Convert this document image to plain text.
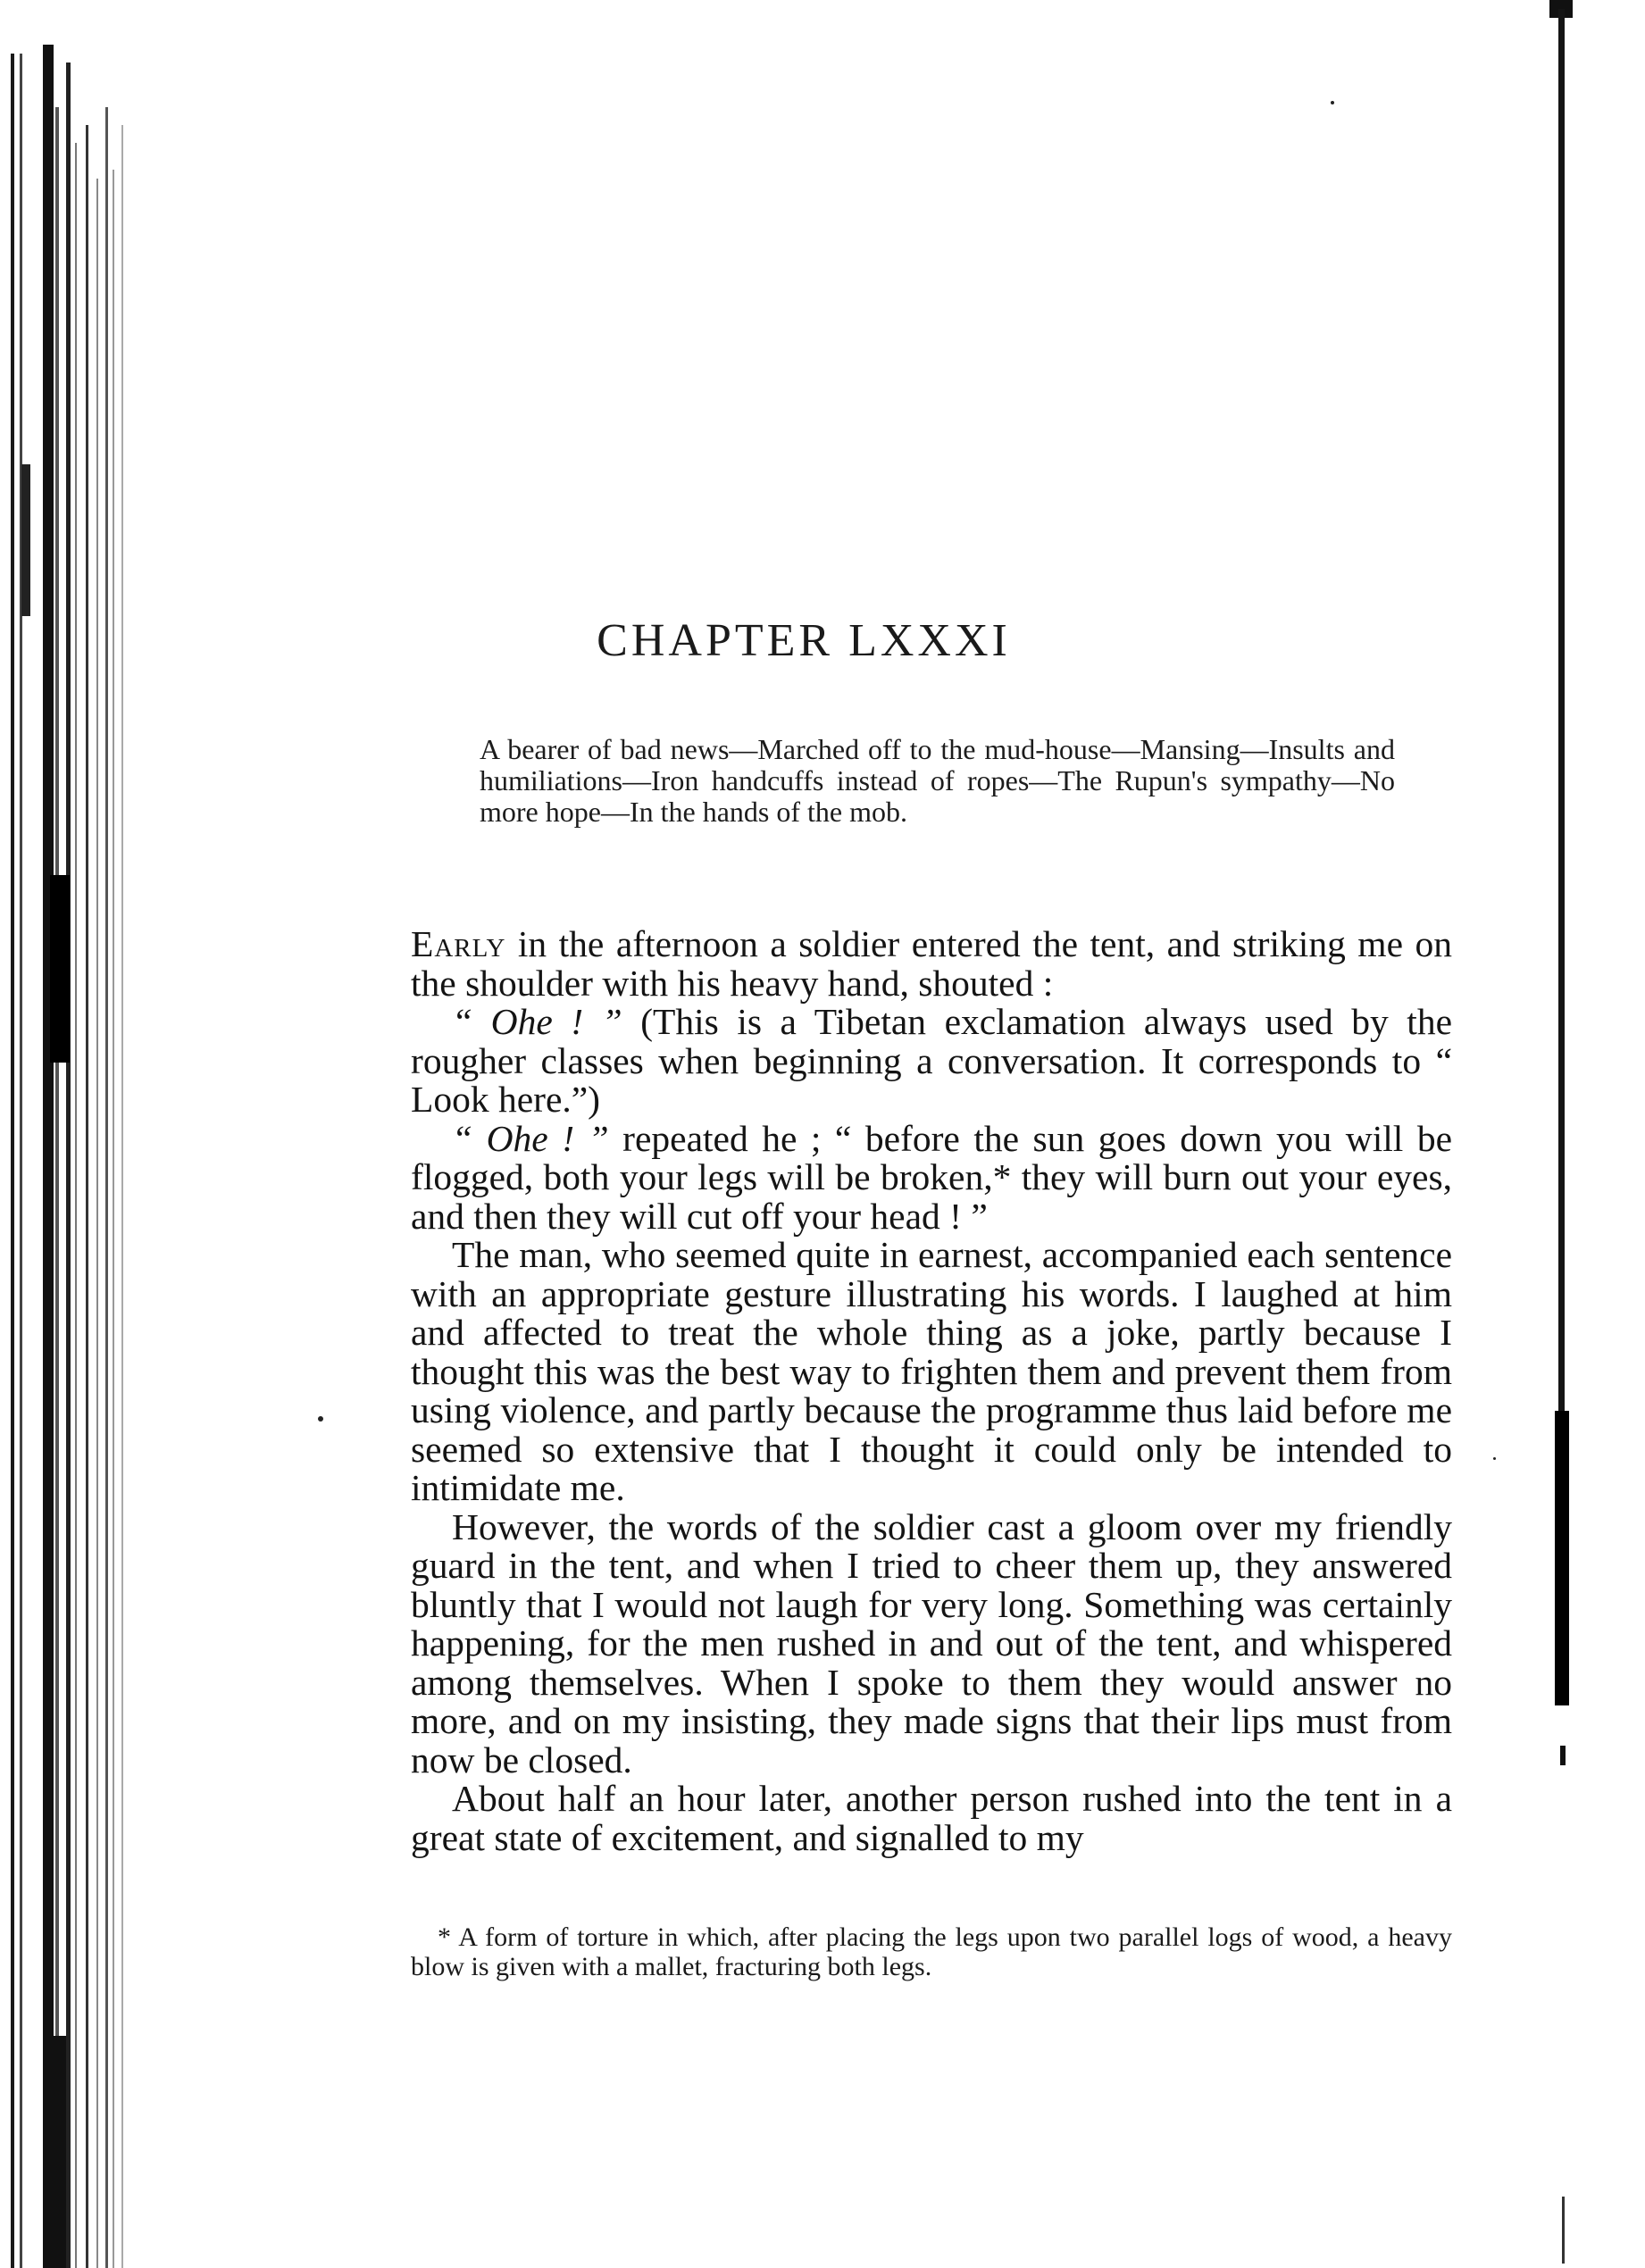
CHAPTER LXXXI

A bearer of bad news—Marched off to the mud-house—Mansing—Insults and humiliations—Iron handcuffs instead of ropes—The Rupun's sympathy—No more hope—In the hands of the mob.

Early in the afternoon a soldier entered the tent, and striking me on the shoulder with his heavy hand, shouted :

“ Ohe ! ” (This is a Tibetan exclamation always used by the rougher classes when beginning a conversation. It corresponds to “ Look here.”)

“ Ohe ! ” repeated he ; “ before the sun goes down you will be flogged, both your legs will be broken,* they will burn out your eyes, and then they will cut off your head ! ”

The man, who seemed quite in earnest, accompanied each sentence with an appropriate gesture illustrating his words. I laughed at him and affected to treat the whole thing as a joke, partly because I thought this was the best way to frighten them and prevent them from using violence, and partly because the programme thus laid before me seemed so extensive that I thought it could only be intended to intimidate me.

However, the words of the soldier cast a gloom over my friendly guard in the tent, and when I tried to cheer them up, they answered bluntly that I would not laugh for very long. Something was certainly happening, for the men rushed in and out of the tent, and whispered among themselves. When I spoke to them they would answer no more, and on my insisting, they made signs that their lips must from now be closed.

About half an hour later, another person rushed into the tent in a great state of excitement, and signalled to my

* A form of torture in which, after placing the legs upon two parallel logs of wood, a heavy blow is given with a mallet, fracturing both legs.
